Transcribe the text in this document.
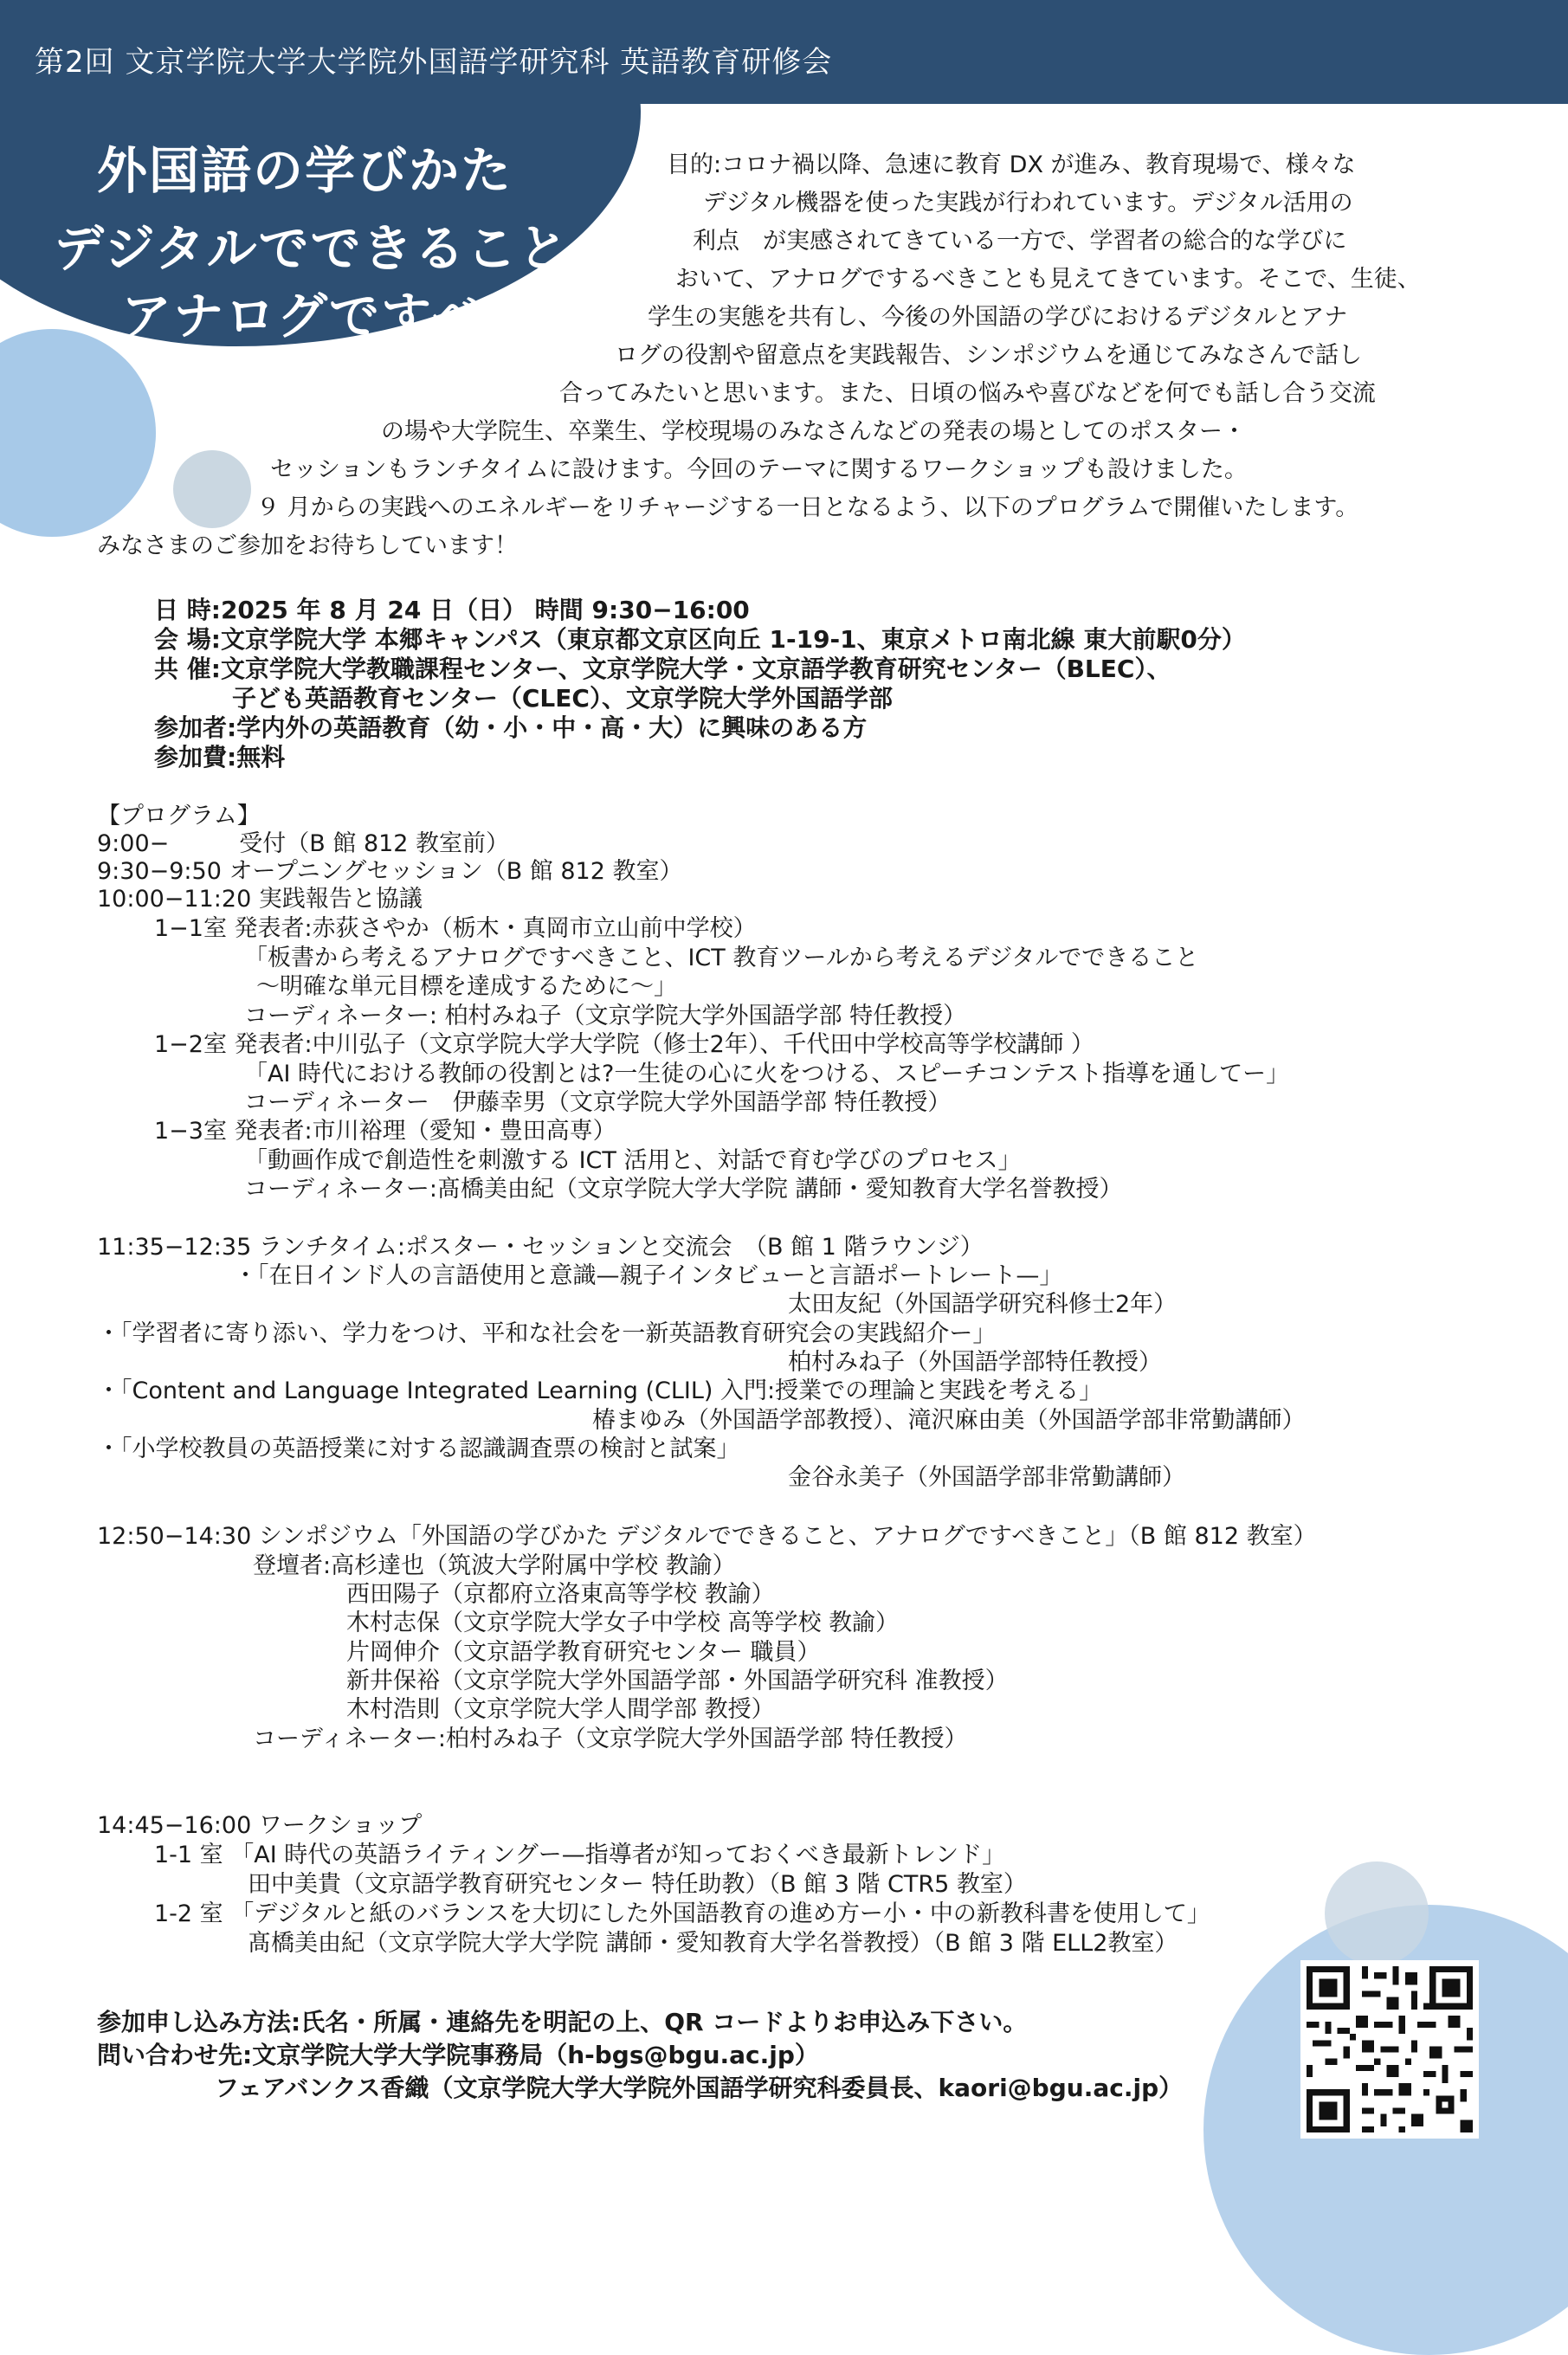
第2回 文京学院大学大学院外国語学研究科 英語教育研修会
外国語の学びかた
デジタルでできること、
アナログですべきこと
目的:コロナ禍以降、急速に教育 DX が進み、教育現場で、様々な
デジタル機器を使った実践が行われています。デジタル活用の
利点　が実感されてきている一方で、学習者の総合的な学びに
おいて、アナログでするべきことも見えてきています。そこで、生徒、
学生の実態を共有し、今後の外国語の学びにおけるデジタルとアナ
ログの役割や留意点を実践報告、シンポジウムを通じてみなさんで話し
合ってみたいと思います。また、日頃の悩みや喜びなどを何でも話し合う交流
の場や大学院生、卒業生、学校現場のみなさんなどの発表の場としてのポスター・
セッションもランチタイムに設けます。今回のテーマに関するワークショップも設けました。
９ 月からの実践へのエネルギーをリチャージする一日となるよう、以下のプログラムで開催いたします。
みなさまのご参加をお待ちしています！
日 時:2025 年 8 月 24 日（日） 時間 9:30−16:00
会 場:文京学院大学 本郷キャンパス（東京都文京区向丘 1-19-1、東京メトロ南北線 東大前駅0分）
共 催:文京学院大学教職課程センター、文京学院大学・文京語学教育研究センター（BLEC）、
子ども英語教育センター（CLEC）、文京学院大学外国語学部
参加者:学内外の英語教育（幼・小・中・高・大）に興味のある方
参加費:無料
【プログラム】
9:00−　　　受付（B 館 812 教室前）
9:30−9:50 オープニングセッション（B 館 812 教室）
10:00−11:20 実践報告と協議
1−1室 発表者:赤荻さやか（栃木・真岡市立山前中学校）
「板書から考えるアナログですべきこと、ICT 教育ツールから考えるデジタルでできること
～明確な単元目標を達成するために～」
コーディネーター: 柏村みね子（文京学院大学外国語学部 特任教授）
1−2室 発表者:中川弘子（文京学院大学大学院（修士2年）、千代田中学校高等学校講師 ）
「AI 時代における教師の役割とは?一生徒の心に火をつける、スピーチコンテスト指導を通してー」
コーディネーター　伊藤幸男（文京学院大学外国語学部 特任教授）
1−3室 発表者:市川裕理（愛知・豊田高専）
「動画作成で創造性を刺激する ICT 活用と、対話で育む学びのプロセス」
コーディネーター:髙橋美由紀（文京学院大学大学院 講師・愛知教育大学名誉教授）
11:35−12:35 ランチタイム:ポスター・セッションと交流会　（B 館 1 階ラウンジ）
・「在日インド人の言語使用と意識—親子インタビューと言語ポートレート—」
太田友紀（外国語学研究科修士2年）
・「学習者に寄り添い、学力をつけ、平和な社会を一新英語教育研究会の実践紹介ー」
柏村みね子（外国語学部特任教授）
・「Content and Language Integrated Learning (CLIL) 入門:授業での理論と実践を考える」
椿まゆみ（外国語学部教授）、滝沢麻由美（外国語学部非常勤講師）
・「小学校教員の英語授業に対する認識調査票の検討と試案」
金谷永美子（外国語学部非常勤講師）
12:50−14:30 シンポジウム「外国語の学びかた デジタルでできること、アナログですべきこと」（B 館 812 教室）
登壇者:高杉達也（筑波大学附属中学校 教諭）
西田陽子（京都府立洛東高等学校 教諭）
木村志保（文京学院大学女子中学校 高等学校 教諭）
片岡伸介（文京語学教育研究センター 職員）
新井保裕（文京学院大学外国語学部・外国語学研究科 准教授）
木村浩則（文京学院大学人間学部 教授）
コーディネーター:柏村みね子（文京学院大学外国語学部 特任教授）
14:45−16:00 ワークショップ
1-1 室 「AI 時代の英語ライティングー—指導者が知っておくべき最新トレンド」
田中美貴（文京語学教育研究センター 特任助教）（B 館 3 階 CTR5 教室）
1-2 室 「デジタルと紙のバランスを大切にした外国語教育の進め方ー小・中の新教科書を使用して」
髙橋美由紀（文京学院大学大学院 講師・愛知教育大学名誉教授）（B 館 3 階 ELL2教室）
参加申し込み方法:氏名・所属・連絡先を明記の上、QR コードよりお申込み下さい。
問い合わせ先:文京学院大学大学院事務局（h-bgs@bgu.ac.jp）
フェアバンクス香織（文京学院大学大学院外国語学研究科委員長、kaori@bgu.ac.jp）
